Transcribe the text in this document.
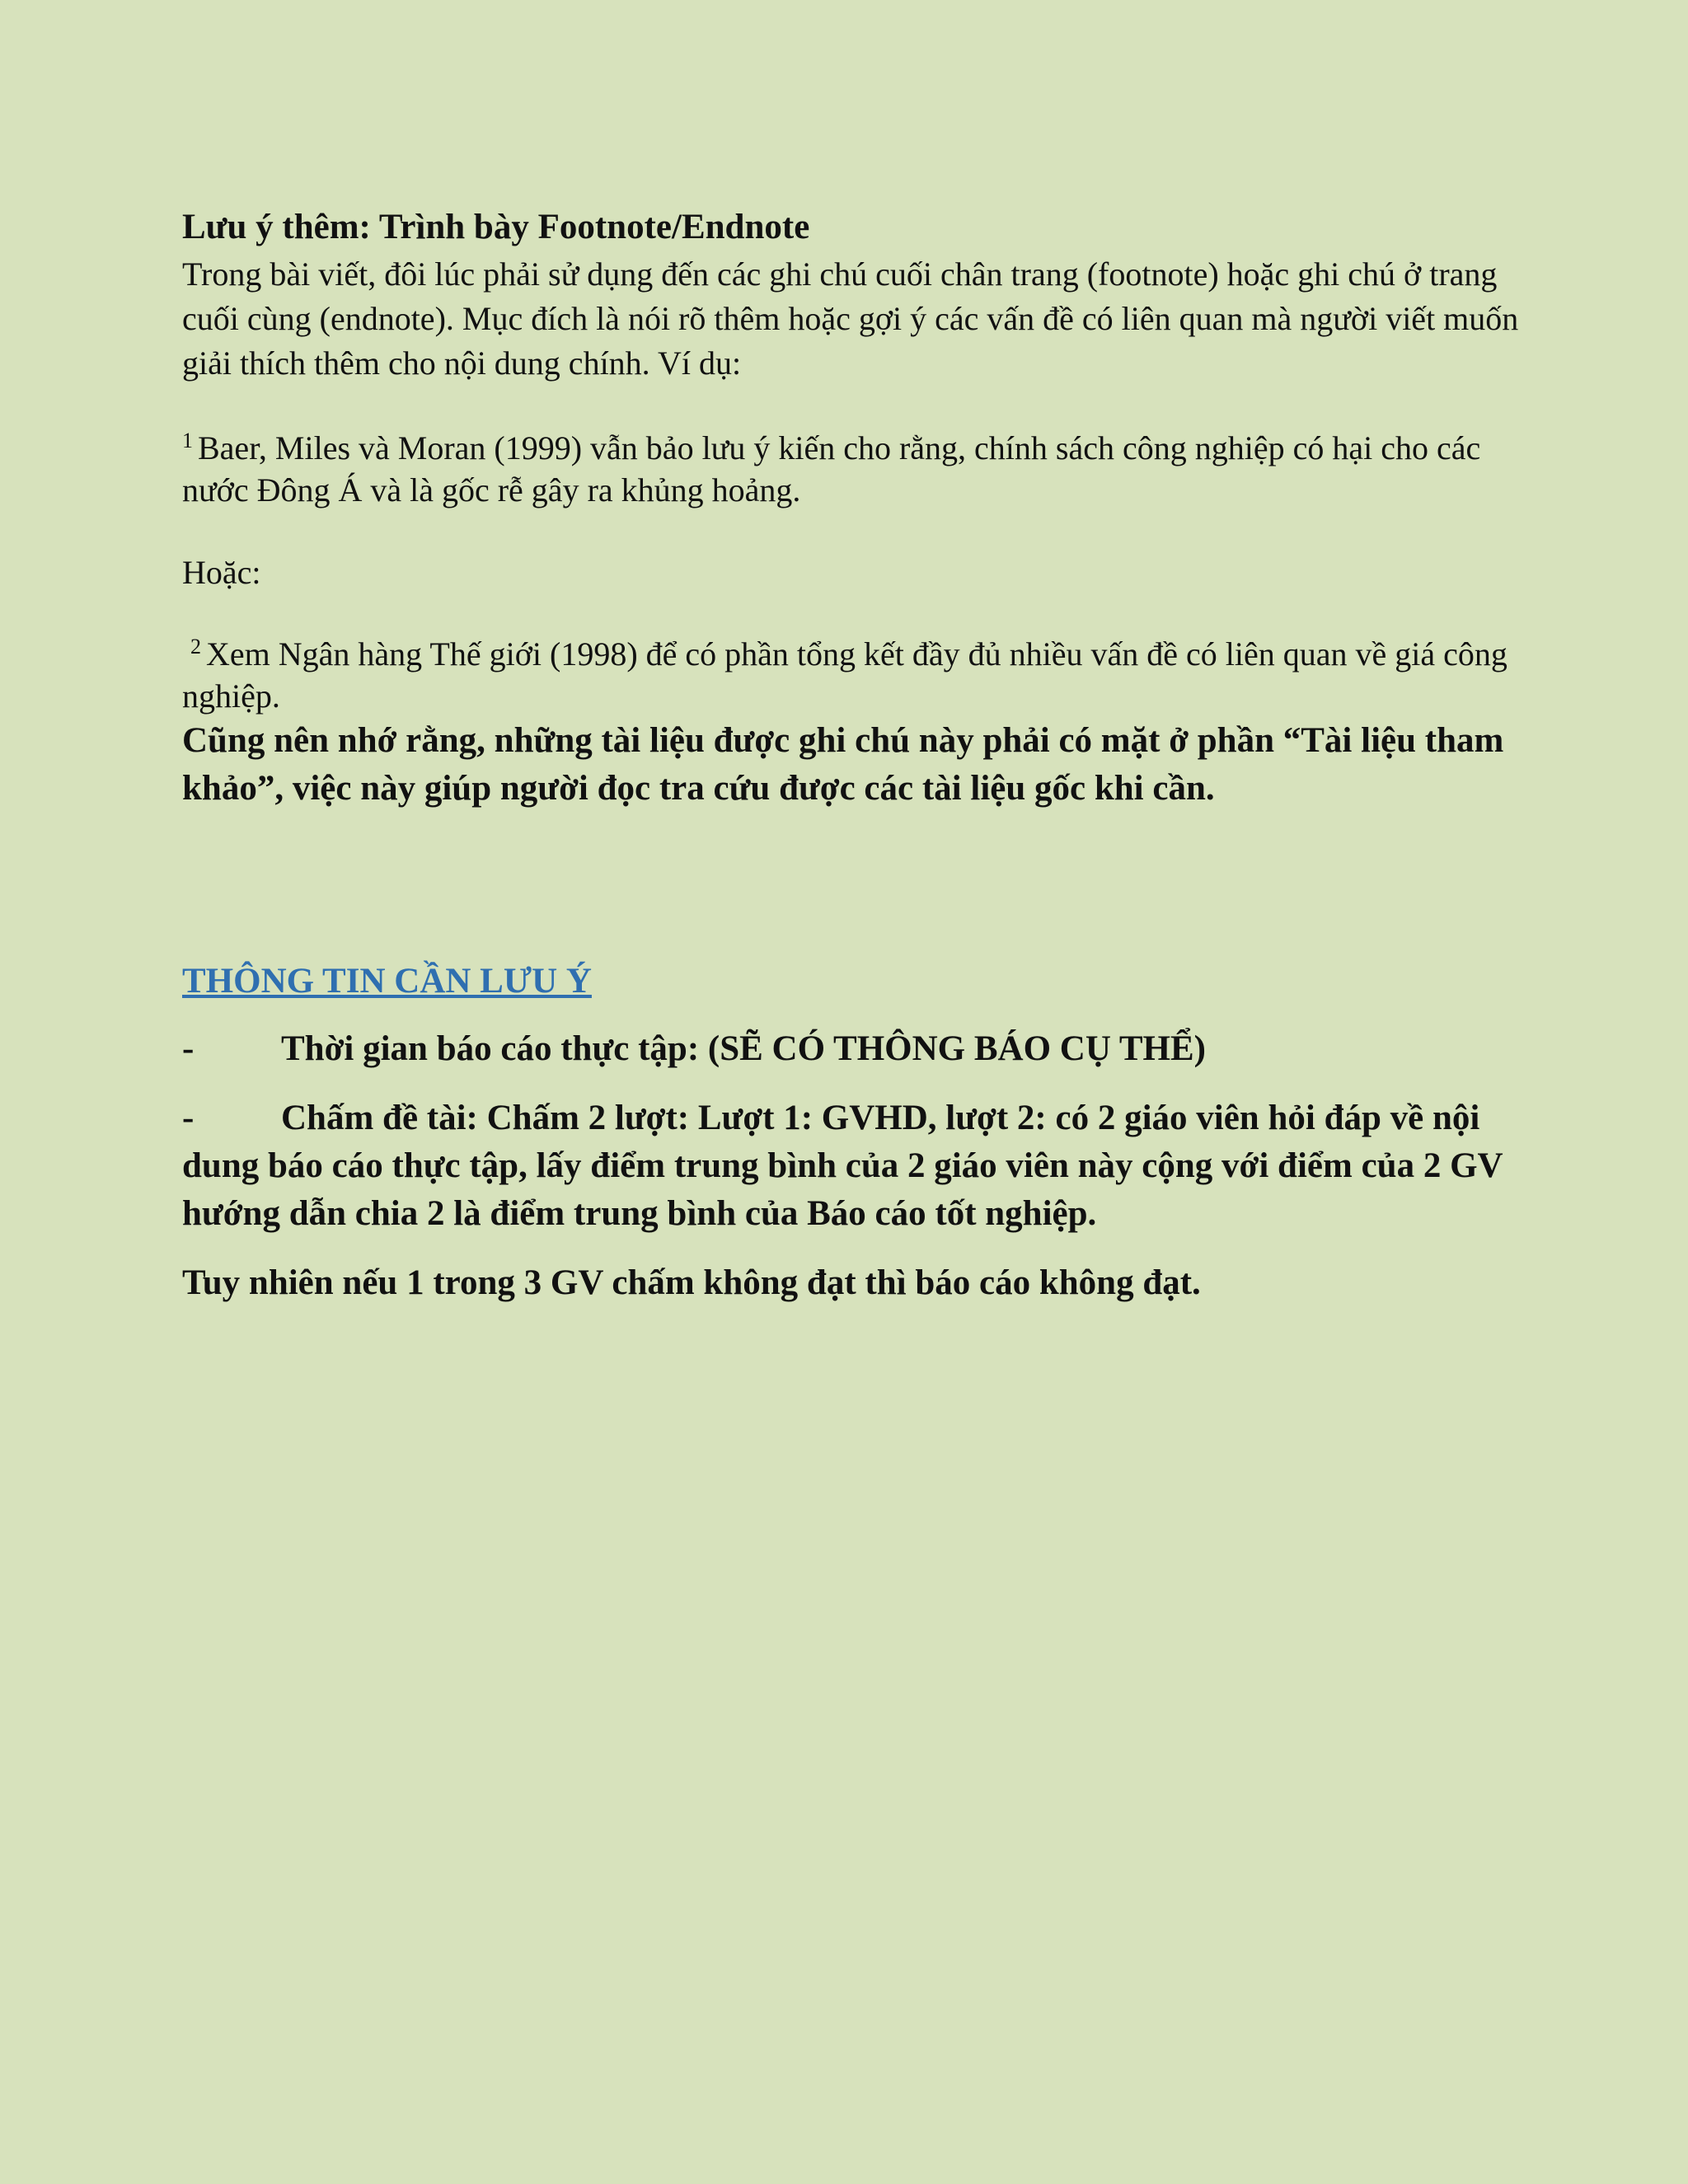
Lưu ý thêm: Trình bày Footnote/Endnote

Trong bài viết, đôi lúc phải sử dụng đến các ghi chú cuối chân trang (footnote) hoặc ghi chú ở trang cuối cùng (endnote). Mục đích là nói rõ thêm hoặc gợi ý các vấn đề có liên quan mà người viết muốn giải thích thêm cho nội dung chính. Ví dụ:

$^1$ Baer, Miles và Moran (1999) vẫn bảo lưu ý kiến cho rằng, chính sách công nghiệp có hại cho các nước Đông Á và là gốc rễ gây ra khủng hoảng.

Hoặc:

$^2$ Xem Ngân hàng Thế giới (1998) để có phần tổng kết đầy đủ nhiều vấn đề có liên quan về giá công nghiệp.

Cũng nên nhớ rằng, những tài liệu được ghi chú này phải có mặt ở phần “Tài liệu tham khảo”, việc này giúp người đọc tra cứu được các tài liệu gốc khi cần.

THÔNG TIN CẦN LƯU Ý

- Thời gian báo cáo thực tập: (SẼ CÓ THÔNG BÁO CỤ THỂ)

- Chấm đề tài: Chấm 2 lượt: Lượt 1: GVHD, lượt 2: có 2 giáo viên hỏi đáp về nội dung báo cáo thực tập, lấy điểm trung bình của 2 giáo viên này cộng với điểm của 2 GV hướng dẫn chia 2 là điểm trung bình của Báo cáo tốt nghiệp.

Tuy nhiên nếu 1 trong 3 GV chấm không đạt thì báo cáo không đạt.
